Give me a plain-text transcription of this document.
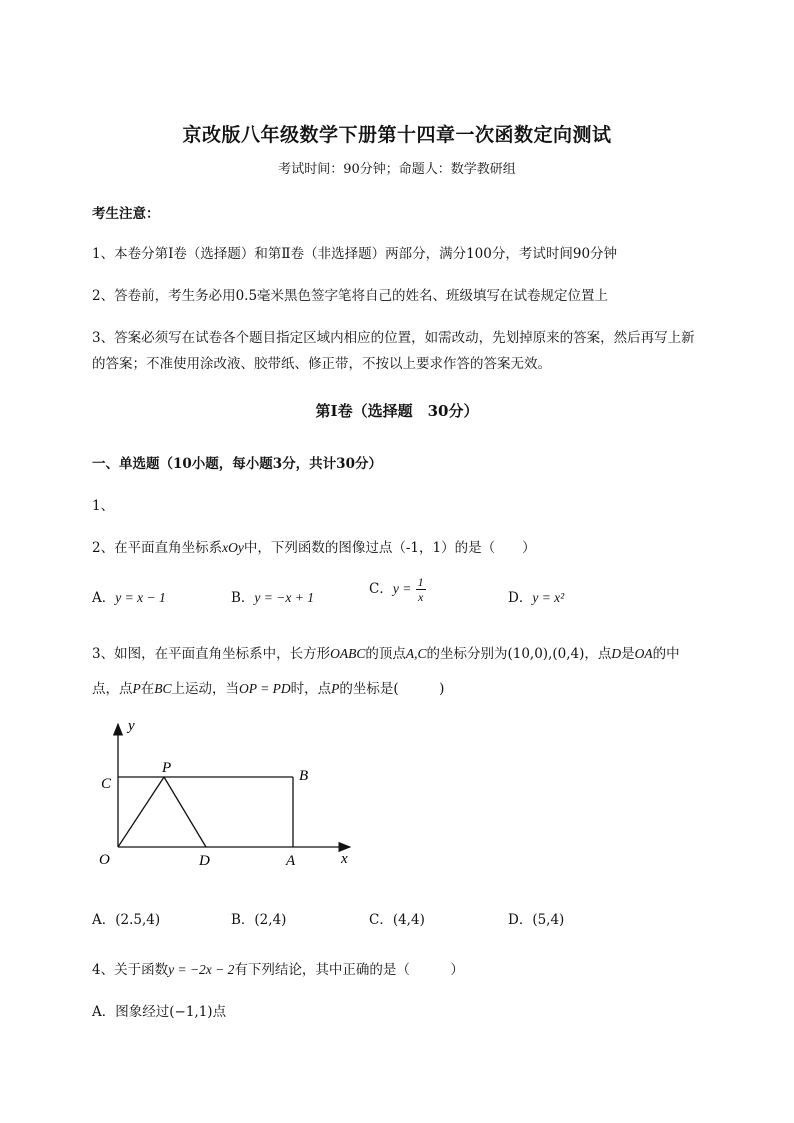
京改版八年级数学下册第十四章一次函数定向测试
考试时间：90分钟；命题人：数学教研组
考生注意：
1、本卷分第I卷（选择题）和第Ⅱ卷（非选择题）两部分，满分100分，考试时间90分钟
2、答卷前，考生务必用0.5毫米黑色签字笔将自己的姓名、班级填写在试卷规定位置上
3、答案必须写在试卷各个题目指定区域内相应的位置，如需改动，先划掉原来的答案，然后再写上新
的答案；不准使用涂改液、胶带纸、修正带，不按以上要求作答的答案无效。
第I卷（选择题　30分）
一、单选题（10小题，每小题3分，共计30分）
1、
2、在平面直角坐标系xOy中，下列函数的图像过点（-1，1）的是（　　）
A．y = x − 1	B．y = −x + 1
C．$y = \frac{1}{x}$	D．y = x²
3、如图，在平面直角坐标系中，长方形OABC的顶点A,C的坐标分别为(10,0),(0,4)，点D是OA的中
点，点P在BC上运动，当OP = PD时，点P的坐标是(　　　)
y
x
O
C
P	B
D	A
A．(2.5,4)	B．(2,4)	C．(4,4)	D．(5,4)
4、关于函数y = −2x − 2有下列结论，其中正确的是（　　　）
A．图象经过(−1,1)点
